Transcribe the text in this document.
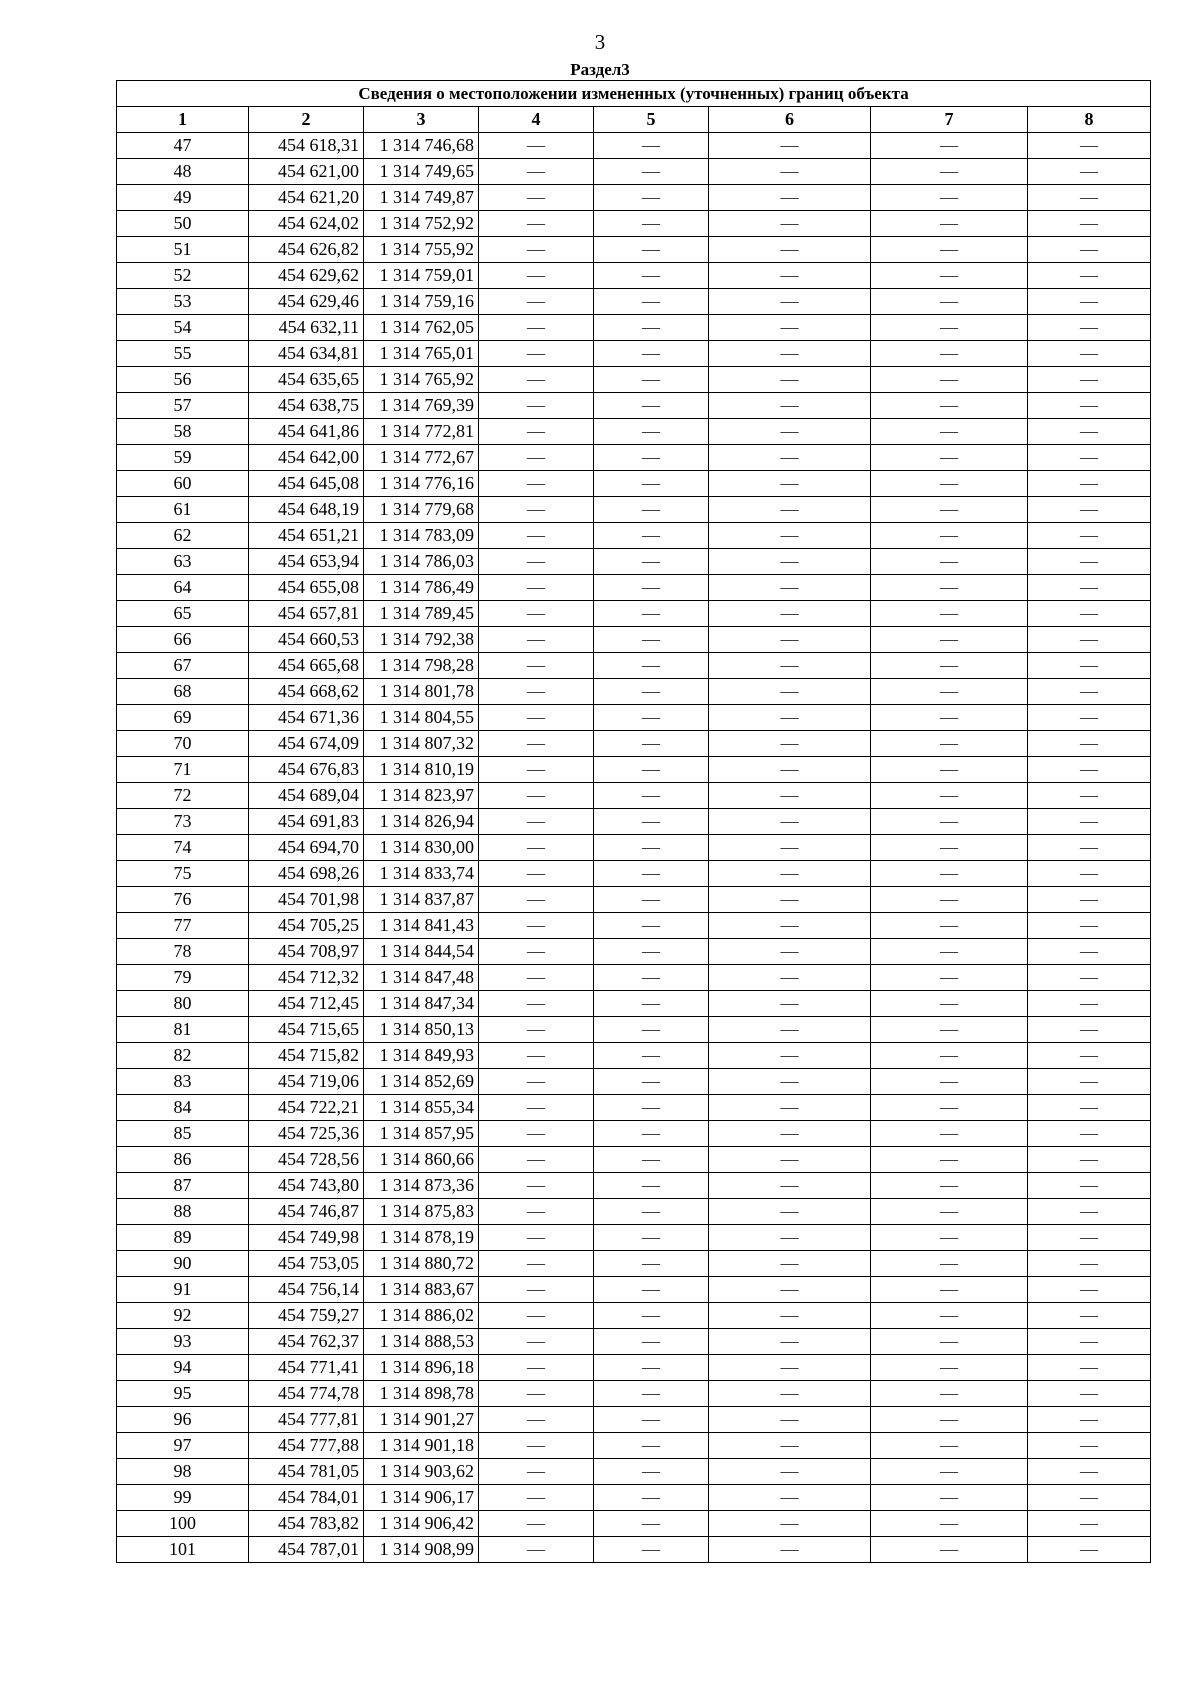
3
Раздел3
Сведения о местоположении измененных (уточненных) границ объекта							
1	2	3	4	5	6	7	8
47	454 618,31	1 314 746,68	—	—	—	—	—
48	454 621,00	1 314 749,65	—	—	—	—	—
49	454 621,20	1 314 749,87	—	—	—	—	—
50	454 624,02	1 314 752,92	—	—	—	—	—
51	454 626,82	1 314 755,92	—	—	—	—	—
52	454 629,62	1 314 759,01	—	—	—	—	—
53	454 629,46	1 314 759,16	—	—	—	—	—
54	454 632,11	1 314 762,05	—	—	—	—	—
55	454 634,81	1 314 765,01	—	—	—	—	—
56	454 635,65	1 314 765,92	—	—	—	—	—
57	454 638,75	1 314 769,39	—	—	—	—	—
58	454 641,86	1 314 772,81	—	—	—	—	—
59	454 642,00	1 314 772,67	—	—	—	—	—
60	454 645,08	1 314 776,16	—	—	—	—	—
61	454 648,19	1 314 779,68	—	—	—	—	—
62	454 651,21	1 314 783,09	—	—	—	—	—
63	454 653,94	1 314 786,03	—	—	—	—	—
64	454 655,08	1 314 786,49	—	—	—	—	—
65	454 657,81	1 314 789,45	—	—	—	—	—
66	454 660,53	1 314 792,38	—	—	—	—	—
67	454 665,68	1 314 798,28	—	—	—	—	—
68	454 668,62	1 314 801,78	—	—	—	—	—
69	454 671,36	1 314 804,55	—	—	—	—	—
70	454 674,09	1 314 807,32	—	—	—	—	—
71	454 676,83	1 314 810,19	—	—	—	—	—
72	454 689,04	1 314 823,97	—	—	—	—	—
73	454 691,83	1 314 826,94	—	—	—	—	—
74	454 694,70	1 314 830,00	—	—	—	—	—
75	454 698,26	1 314 833,74	—	—	—	—	—
76	454 701,98	1 314 837,87	—	—	—	—	—
77	454 705,25	1 314 841,43	—	—	—	—	—
78	454 708,97	1 314 844,54	—	—	—	—	—
79	454 712,32	1 314 847,48	—	—	—	—	—
80	454 712,45	1 314 847,34	—	—	—	—	—
81	454 715,65	1 314 850,13	—	—	—	—	—
82	454 715,82	1 314 849,93	—	—	—	—	—
83	454 719,06	1 314 852,69	—	—	—	—	—
84	454 722,21	1 314 855,34	—	—	—	—	—
85	454 725,36	1 314 857,95	—	—	—	—	—
86	454 728,56	1 314 860,66	—	—	—	—	—
87	454 743,80	1 314 873,36	—	—	—	—	—
88	454 746,87	1 314 875,83	—	—	—	—	—
89	454 749,98	1 314 878,19	—	—	—	—	—
90	454 753,05	1 314 880,72	—	—	—	—	—
91	454 756,14	1 314 883,67	—	—	—	—	—
92	454 759,27	1 314 886,02	—	—	—	—	—
93	454 762,37	1 314 888,53	—	—	—	—	—
94	454 771,41	1 314 896,18	—	—	—	—	—
95	454 774,78	1 314 898,78	—	—	—	—	—
96	454 777,81	1 314 901,27	—	—	—	—	—
97	454 777,88	1 314 901,18	—	—	—	—	—
98	454 781,05	1 314 903,62	—	—	—	—	—
99	454 784,01	1 314 906,17	—	—	—	—	—
100	454 783,82	1 314 906,42	—	—	—	—	—
101	454 787,01	1 314 908,99	—	—	—	—	—
